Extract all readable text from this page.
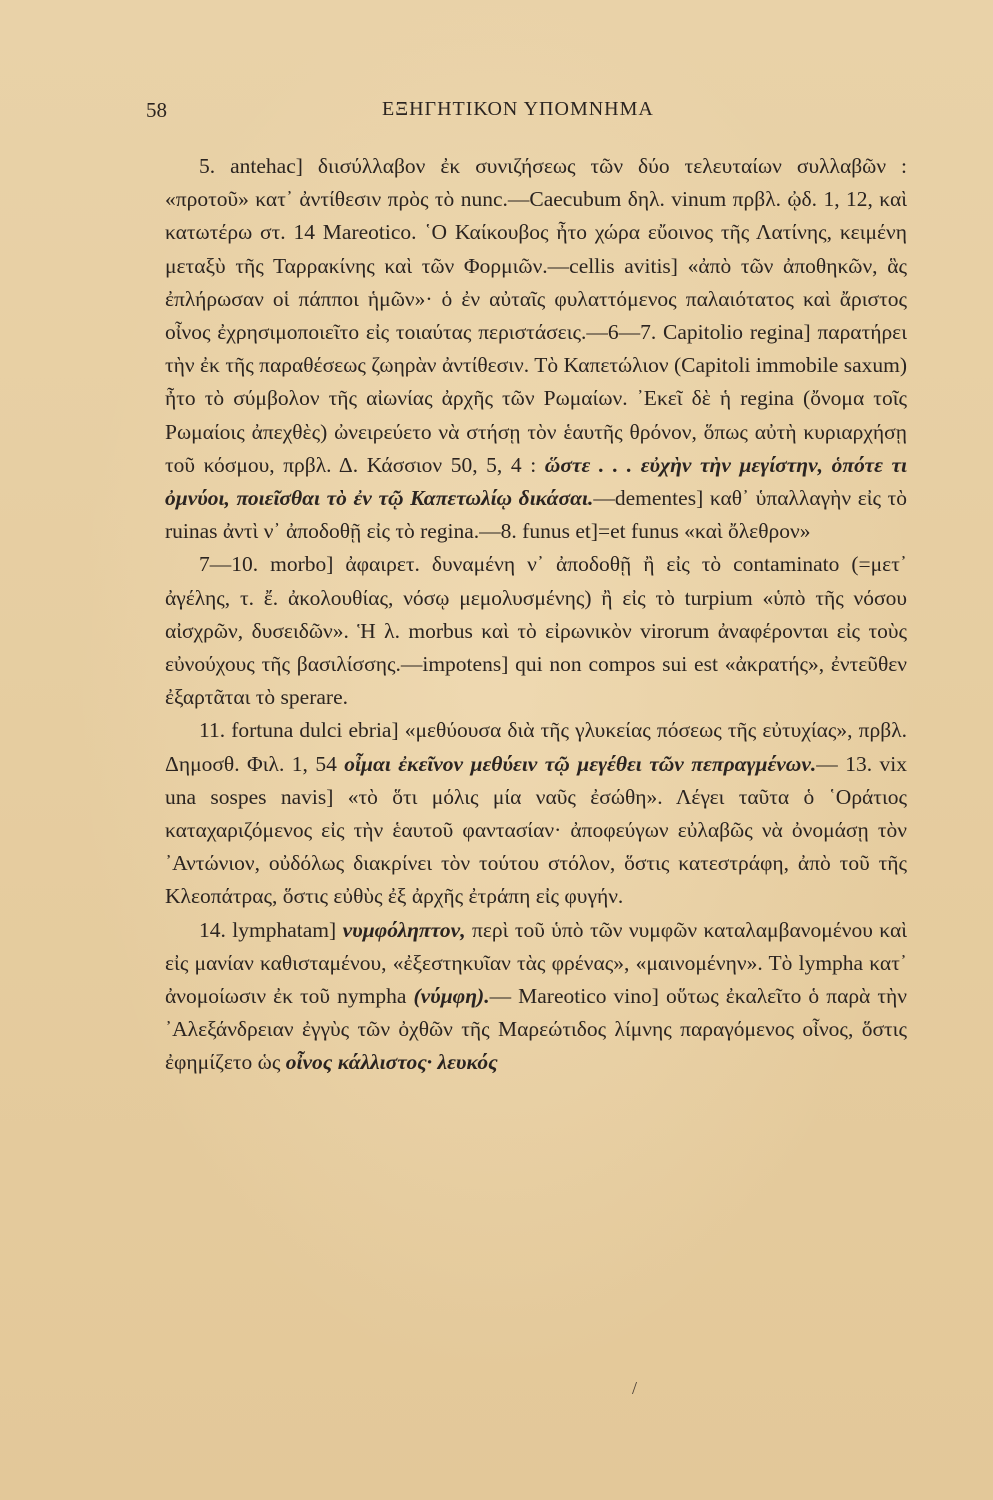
58	ΕΞΗΓΗΤΙΚΟΝ ΥΠΟΜΝΗΜΑ

5. antehac] διισύλλαβον ἐκ συνιζήσεως τῶν δύο τελευταίων συλλαβῶν : «προτοῦ» κατ᾽ ἀντίθεσιν πρὸς τὸ nunc.—Caecubum δηλ. vinum πρβλ. ᾠδ. 1, 12, καὶ κατωτέρω στ. 14 Mareotico. ῾Ο Καίκουβος ἦτο χώρα εὔοινος τῆς Λατίνης, κειμένη μεταξὺ τῆς Ταρρακίνης καὶ τῶν Φορμιῶν.—cellis avitis] «ἀπὸ τῶν ἀποθηκῶν, ἃς ἐπλήρωσαν οἱ πάπποι ἡμῶν»· ὁ ἐν αὐταῖς φυλαττόμενος παλαιότατος καὶ ἄριστος οἶνος ἐχρησιμοποιεῖτο εἰς τοιαύτας περιστάσεις.—6—7. Capitolio regina] παρατήρει τὴν ἐκ τῆς παραθέσεως ζωηρὰν ἀντίθεσιν. Τὸ Καπετώλιον (Capitoli immobile saxum) ἦτο τὸ σύμβολον τῆς αἰωνίας ἀρχῆς τῶν Ρωμαίων. ᾿Εκεῖ δὲ ἡ regina (ὄνομα τοῖς Ρωμαίοις ἀπεχθὲς) ὠνειρεύετο νὰ στήσῃ τὸν ἑαυτῆς θρόνον, ὅπως αὐτὴ κυριαρχήσῃ τοῦ κόσμου, πρβλ. Δ. Κάσσιον 50, 5, 4 : ὥστε . . . εὐχὴν τὴν μεγίστην, ὁπότε τι ὀμνύοι, ποιεῖσθαι τὸ ἐν τῷ Καπετωλίῳ δικάσαι.—dementes] καθ᾽ ὑπαλλαγὴν εἰς τὸ ruinas ἀντὶ ν᾽ ἀποδοθῇ εἰς τὸ regina.—8. funus et]=et funus «καὶ ὄλεθρον»

7—10. morbo] ἀφαιρετ. δυναμένη ν᾽ ἀποδοθῇ ἢ εἰς τὸ contaminato (=μετ᾽ ἀγέλης, τ. ἔ. ἀκολουθίας, νόσῳ μεμολυσμένης) ἢ εἰς τὸ turpium «ὑπὸ τῆς νόσου αἰσχρῶν, δυσειδῶν». Ἡ λ. morbus καὶ τὸ εἰρωνικὸν virorum ἀναφέρονται εἰς τοὺς εὐνούχους τῆς βασιλίσσης.—impotens] qui non compos sui est «ἀκρατής», ἐντεῦθεν ἐξαρτᾶται τὸ sperare.

11. fortuna dulci ebria] «μεθύουσα διὰ τῆς γλυκείας πόσεως τῆς εὐτυχίας», πρβλ. Δημοσθ. Φιλ. 1, 54 οἶμαι ἐκεῖνον μεθύειν τῷ μεγέθει τῶν πεπραγμένων.— 13. vix una sospes navis] «τὸ ὅτι μόλις μία ναῦς ἐσώθη». Λέγει ταῦτα ὁ ῾Οράτιος καταχαριζόμενος εἰς τὴν ἑαυτοῦ φαντασίαν· ἀποφεύγων εὐλαβῶς νὰ ὀνομάσῃ τὸν ᾿Αντώνιον, οὐδόλως διακρίνει τὸν τούτου στόλον, ὅστις κατεστράφη, ἀπὸ τοῦ τῆς Κλεοπάτρας, ὅστις εὐθὺς ἐξ ἀρχῆς ἐτράπη εἰς φυγήν.

14. lymphatam] νυμφόληπτον, περὶ τοῦ ὑπὸ τῶν νυμφῶν καταλαμβανομένου καὶ εἰς μανίαν καθισταμένου, «ἐξεστηκυῖαν τὰς φρένας», «μαινομένην». Τὸ lympha κατ᾽ ἀνομοίωσιν ἐκ τοῦ nympha (νύμφη).— Mareotico vino] οὕτως ἐκαλεῖτο ὁ παρὰ τὴν ᾿Αλεξάνδρειαν ἐγγὺς τῶν ὀχθῶν τῆς Μαρεώτιδος λίμνης παραγόμενος οἶνος, ὅστις ἐφημίζετο ὡς οἶνος κάλλιστος· λευκός

/
